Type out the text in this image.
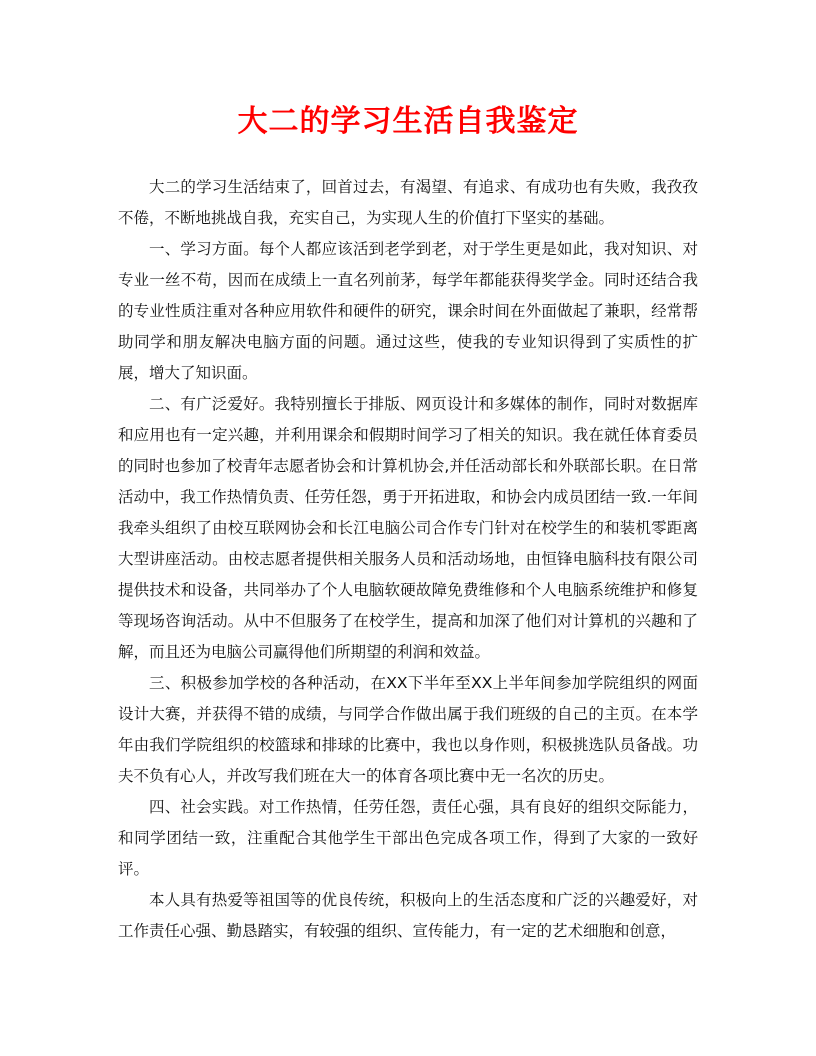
大二的学习生活自我鉴定

大二的学习生活结束了，回首过去，有渴望、有追求、有成功也有失败，我孜孜不倦，不断地挑战自我，充实自己，为实现人生的价值打下坚实的基础。

一、学习方面。每个人都应该活到老学到老，对于学生更是如此，我对知识、对专业一丝不苟，因而在成绩上一直名列前茅，每学年都能获得奖学金。同时还结合我的专业性质注重对各种应用软件和硬件的研究，课余时间在外面做起了兼职，经常帮助同学和朋友解决电脑方面的问题。通过这些，使我的专业知识得到了实质性的扩展，增大了知识面。

二、有广泛爱好。我特别擅长于排版、网页设计和多媒体的制作，同时对数据库和应用也有一定兴趣，并利用课余和假期时间学习了相关的知识。我在就任体育委员的同时也参加了校青年志愿者协会和计算机协会,并任活动部长和外联部长职。在日常活动中，我工作热情负责、任劳任怨，勇于开拓进取，和协会内成员团结一致.一年间我牵头组织了由校互联网协会和长江电脑公司合作专门针对在校学生的和装机零距离大型讲座活动。由校志愿者提供相关服务人员和活动场地，由恒锋电脑科技有限公司提供技术和设备，共同举办了个人电脑软硬故障免费维修和个人电脑系统维护和修复等现场咨询活动。从中不但服务了在校学生，提高和加深了他们对计算机的兴趣和了解，而且还为电脑公司赢得他们所期望的利润和效益。

三、积极参加学校的各种活动，在XX下半年至XX上半年间参加学院组织的网面设计大赛，并获得不错的成绩，与同学合作做出属于我们班级的自己的主页。在本学年由我们学院组织的校篮球和排球的比赛中，我也以身作则，积极挑选队员备战。功夫不负有心人，并改写我们班在大一的体育各项比赛中无一名次的历史。

四、社会实践。对工作热情，任劳任怨，责任心强，具有良好的组织交际能力，和同学团结一致，注重配合其他学生干部出色完成各项工作，得到了大家的一致好评。

本人具有热爱等祖国等的优良传统，积极向上的生活态度和广泛的兴趣爱好，对工作责任心强、勤恳踏实，有较强的组织、宣传能力，有一定的艺术细胞和创意，
